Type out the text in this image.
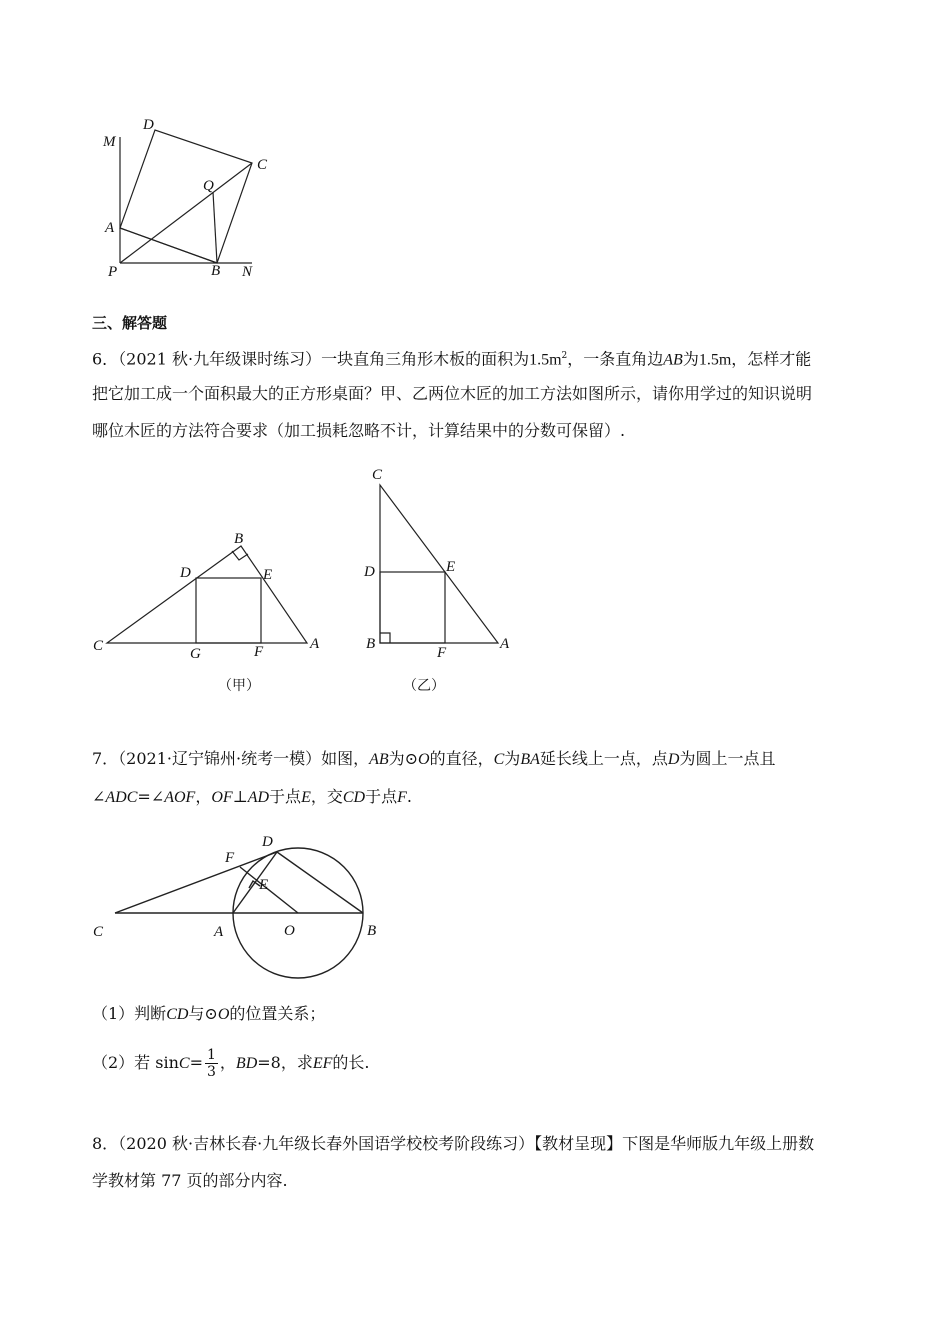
M
D
C
Q
A
P	B N
三、解答题
6．（2021 秋·九年级课时练习）一块直角三角形木板的面积为$1.5m^2$，一条直角边AB为1.5m，怎样才能
把它加工成一个面积最大的正方形桌面？甲、乙两位木匠的加工方法如图所示，请你用学过的知识说明
哪位木匠的方法符合要求（加工损耗忽略不计，计算结果中的分数可保留）.
B
D	E
C	G	F	A
（甲）
C
D	E
B
F
A
（乙）
7．（2021·辽宁锦州·统考一模）如图，AB为⊙O的直径，C为BA延长线上一点，点D为圆上一点且
∠ADC=∠AOF，OF⊥AD于点E，交CD于点F.
F
D
E
C	A	O	B
（1）判断CD与⊙O的位置关系；
（2）若 $\sin C= \frac{1}{3}$ ，BD=8，求EF的长.
8．（2020 秋·吉林长春·九年级长春外国语学校校考阶段练习）【教材呈现】下图是华师版九年级上册数
学教材第 77 页的部分内容.
